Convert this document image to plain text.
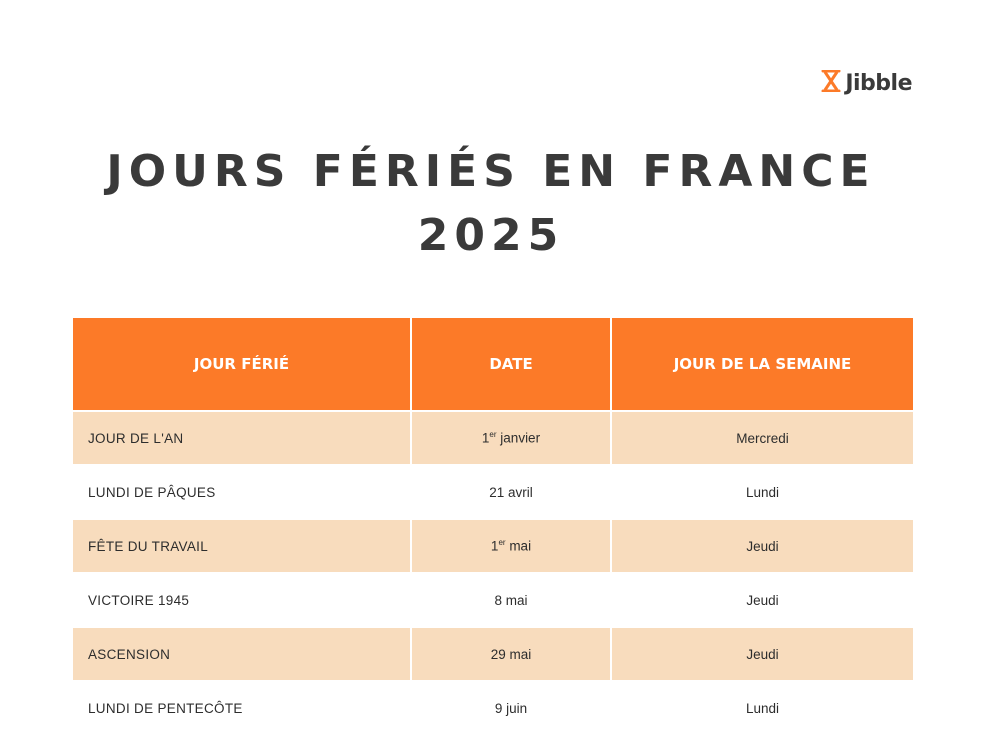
Jibble
JOURS FÉRIÉS EN FRANCE
2025
JOUR FÉRIÉ	DATE	JOUR DE LA SEMAINE
JOUR DE L'AN	1er janvier	Mercredi
LUNDI DE PÂQUES	21 avril	Lundi
FÊTE DU TRAVAIL	1er mai	Jeudi
VICTOIRE 1945	8 mai	Jeudi
ASCENSION	29 mai	Jeudi
LUNDI DE PENTECÔTE	9 juin	Lundi
